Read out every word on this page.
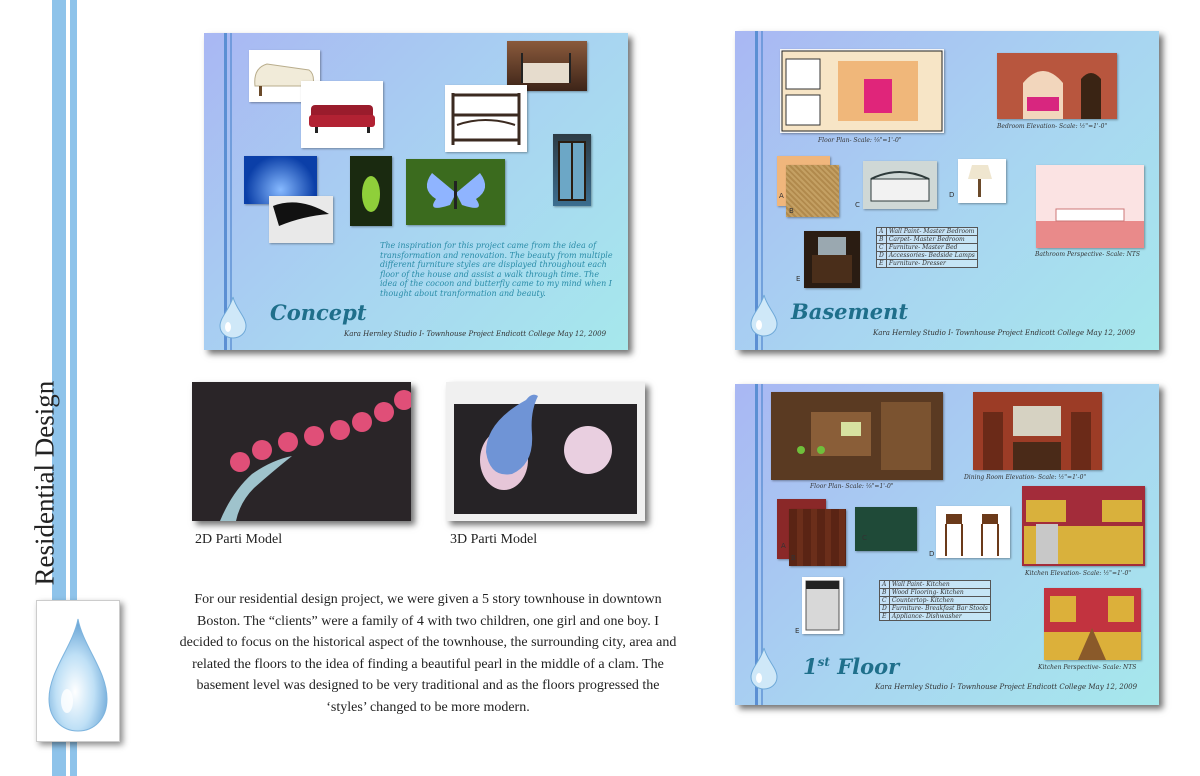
Residential Design
The inspiration for this project came from the idea of transformation and renovation. The beauty from multiple different furniture styles are displayed throughout each floor of the house and assist a walk through time. The idea of the cocoon and butterfly came to my mind when I thought about tranformation and beauty.
Concept
Kara Hernley Studio I- Townhouse Project Endicott College May 12, 2009
Floor Plan- Scale: ⅛"=1'-0"
Bedroom Elevation- Scale: ½"=1'-0"
Bathroom Perspective- Scale: NTS
A
B
C
D
E
A	Wall Paint- Master Bedroom
B	Carpet- Master Bedroom
C	Furniture- Master Bed
D	Accessories- Bedside Lamps
E	Furniture- Dresser
Basement
Kara Hernley Studio I- Townhouse Project Endicott College May 12, 2009
Floor Plan- Scale: ⅛"=1'-0"
Dining Room Elevation- Scale: ½"=1'-0"
Kitchen Elevation- Scale: ½"=1'-0"
A
B
C
D
E
A	Wall Paint- Kitchen
B	Wood Flooring- Kitchen
C	Countertop- Kitchen
D	Furniture- Breakfast Bar Stools
E	Appliance- Dishwasher
Kitchen Perspective- Scale: NTS
1st Floor
Kara Hernley Studio I- Townhouse Project Endicott College May 12, 2009
2D Parti Model	3D Parti Model
For our residential design project, we were given a 5 story townhouse in downtown Boston. The “clients” were a family of 4 with two children, one girl and one boy. I decided to focus on the historical aspect of the townhouse, the surrounding city, area and related the floors to the idea of finding a beautiful pearl in the middle of a clam. The basement level was designed to be very traditional and as the floors progressed the ‘styles’ changed to be more modern.
